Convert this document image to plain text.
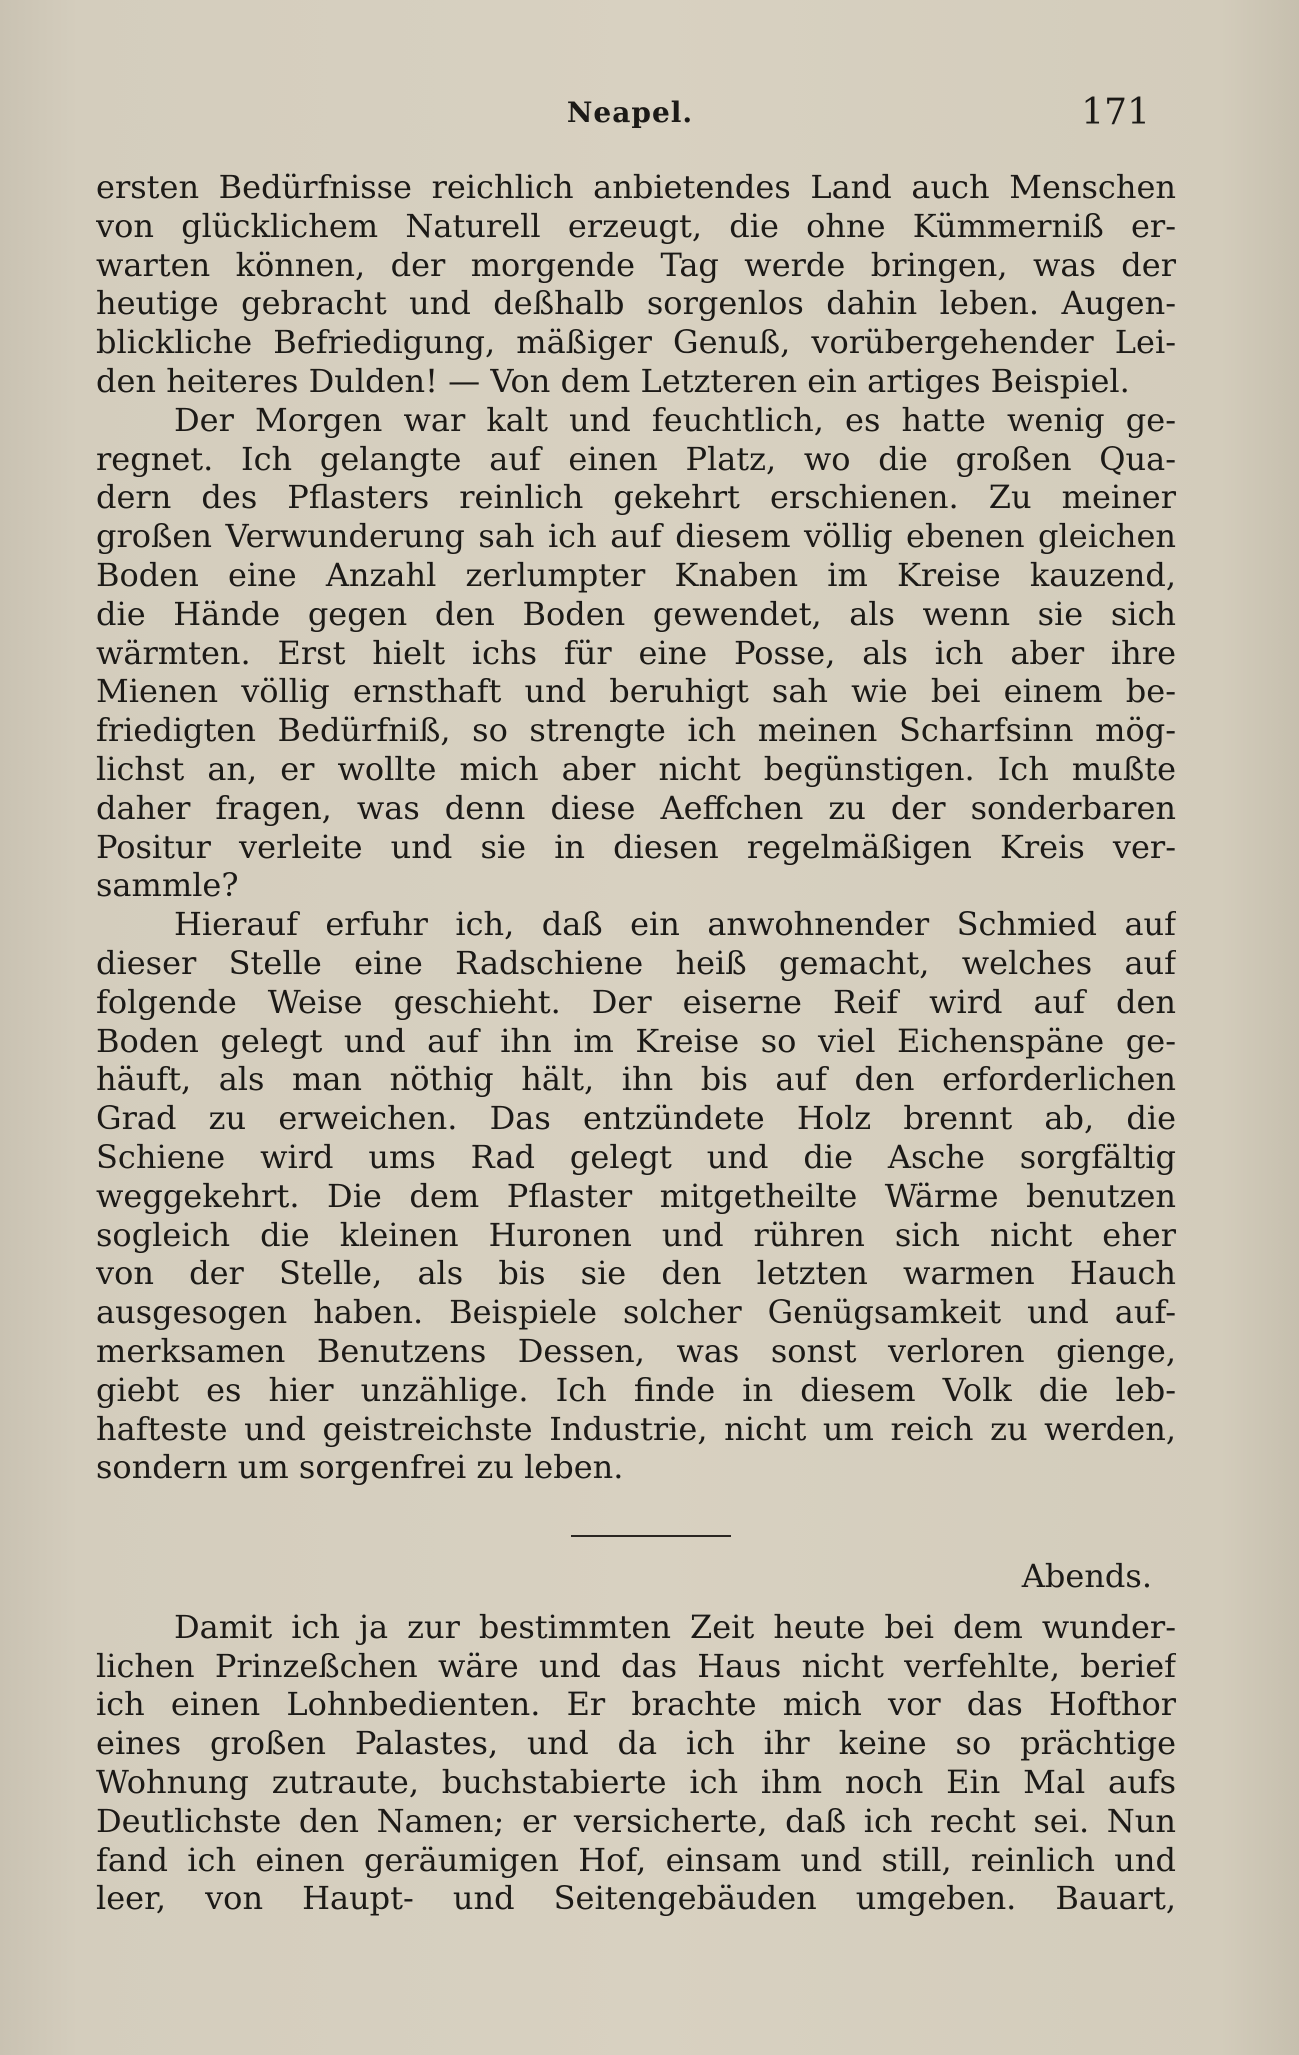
Neapel.	171
ersten Bedürfnisse reichlich anbietendes Land auch Menschen
von glücklichem Naturell erzeugt, die ohne Kümmerniß er-
warten können, der morgende Tag werde bringen, was der
heutige gebracht und deßhalb sorgenlos dahin leben. Augen-
blickliche Befriedigung, mäßiger Genuß, vorübergehender Lei-
den heiteres Dulden! — Von dem Letzteren ein artiges Beispiel.
Der Morgen war kalt und feuchtlich, es hatte wenig ge-
regnet. Ich gelangte auf einen Platz, wo die großen Qua-
dern des Pflasters reinlich gekehrt erschienen. Zu meiner
großen Verwunderung sah ich auf diesem völlig ebenen gleichen
Boden eine Anzahl zerlumpter Knaben im Kreise kauzend,
die Hände gegen den Boden gewendet, als wenn sie sich
wärmten. Erst hielt ichs für eine Posse, als ich aber ihre
Mienen völlig ernsthaft und beruhigt sah wie bei einem be-
friedigten Bedürfniß, so strengte ich meinen Scharfsinn mög-
lichst an, er wollte mich aber nicht begünstigen. Ich mußte
daher fragen, was denn diese Aeffchen zu der sonderbaren
Positur verleite und sie in diesen regelmäßigen Kreis ver-
sammle?
Hierauf erfuhr ich, daß ein anwohnender Schmied auf
dieser Stelle eine Radschiene heiß gemacht, welches auf
folgende Weise geschieht. Der eiserne Reif wird auf den
Boden gelegt und auf ihn im Kreise so viel Eichenspäne ge-
häuft, als man nöthig hält, ihn bis auf den erforderlichen
Grad zu erweichen. Das entzündete Holz brennt ab, die
Schiene wird ums Rad gelegt und die Asche sorgfältig
weggekehrt. Die dem Pflaster mitgetheilte Wärme benutzen
sogleich die kleinen Huronen und rühren sich nicht eher
von der Stelle, als bis sie den letzten warmen Hauch
ausgesogen haben. Beispiele solcher Genügsamkeit und auf-
merksamen Benutzens Dessen, was sonst verloren gienge,
giebt es hier unzählige. Ich finde in diesem Volk die leb-
hafteste und geistreichste Industrie, nicht um reich zu werden,
sondern um sorgenfrei zu leben.
Abends.
Damit ich ja zur bestimmten Zeit heute bei dem wunder-
lichen Prinzeßchen wäre und das Haus nicht verfehlte, berief
ich einen Lohnbedienten. Er brachte mich vor das Hofthor
eines großen Palastes, und da ich ihr keine so prächtige
Wohnung zutraute, buchstabierte ich ihm noch Ein Mal aufs
Deutlichste den Namen; er versicherte, daß ich recht sei. Nun
fand ich einen geräumigen Hof, einsam und still, reinlich und
leer, von Haupt- und Seitengebäuden umgeben. Bauart,
